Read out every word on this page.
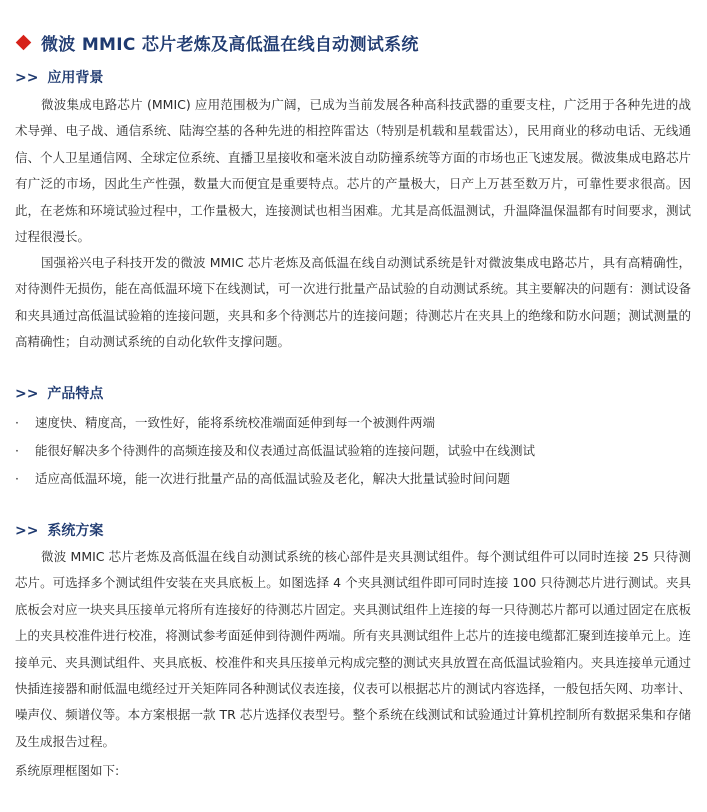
微波 MMIC 芯片老炼及高低温在线自动测试系统
>> 应用背景

微波集成电路芯片 (MMIC) 应用范围极为广阔，已成为当前发展各种高科技武器的重要支柱，广泛用于各种先进的战术导弹、电子战、通信系统、陆海空基的各种先进的相控阵雷达（特别是机载和星载雷达），民用商业的移动电话、无线通信、个人卫星通信网、全球定位系统、直播卫星接收和毫米波自动防撞系统等方面的市场也正飞速发展。微波集成电路芯片有广泛的市场，因此生产性强，数量大而便宜是重要特点。芯片的产量极大，日产上万甚至数万片，可靠性要求很高。因此，在老炼和环境试验过程中，工作量极大，连接测试也相当困难。尤其是高低温测试，升温降温保温都有时间要求，测试过程很漫长。

国强裕兴电子科技开发的微波 MMIC 芯片老炼及高低温在线自动测试系统是针对微波集成电路芯片，具有高精确性，对待测件无损伤，能在高低温环境下在线测试，可一次进行批量产品试验的自动测试系统。其主要解决的问题有：测试设备和夹具通过高低温试验箱的连接问题，夹具和多个待测芯片的连接问题；待测芯片在夹具上的绝缘和防水问题；测试测量的高精确性；自动测试系统的自动化软件支撑问题。

>> 产品特点
· 速度快、精度高，一致性好，能将系统校准端面延伸到每一个被测件两端
· 能很好解决多个待测件的高频连接及和仪表通过高低温试验箱的连接问题，试验中在线测试
· 适应高低温环境，能一次进行批量产品的高低温试验及老化，解决大批量试验时间问题
>> 系统方案

微波 MMIC 芯片老炼及高低温在线自动测试系统的核心部件是夹具测试组件。每个测试组件可以同时连接 25 只待测芯片。可选择多个测试组件安装在夹具底板上。如图选择 4 个夹具测试组件即可同时连接 100 只待测芯片进行测试。夹具底板会对应一块夹具压接单元将所有连接好的待测芯片固定。夹具测试组件上连接的每一只待测芯片都可以通过固定在底板上的夹具校准件进行校准，将测试参考面延伸到待测件两端。所有夹具测试组件上芯片的连接电缆都汇聚到连接单元上。连接单元、夹具测试组件、夹具底板、校准件和夹具压接单元构成完整的测试夹具放置在高低温试验箱内。夹具连接单元通过快插连接器和耐低温电缆经过开关矩阵同各种测试仪表连接，仪表可以根据芯片的测试内容选择，一般包括矢网、功率计、噪声仪、频谱仪等。本方案根据一款 TR 芯片选择仪表型号。整个系统在线测试和试验通过计算机控制所有数据采集和存储及生成报告过程。

系统原理框图如下:
